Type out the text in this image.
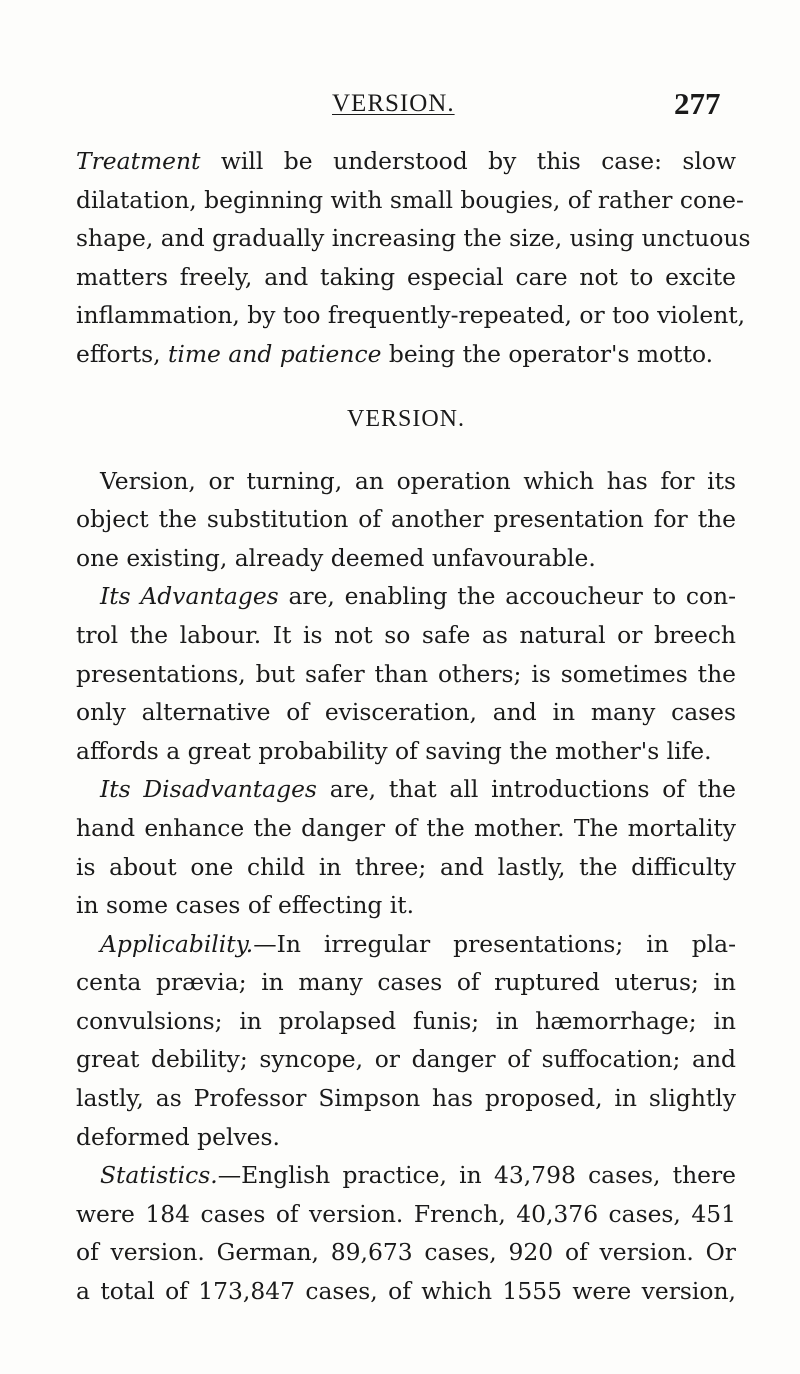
VERSION.	277
Treatment will be understood by this case: slow
dilatation, beginning with small bougies, of rather cone-
shape, and gradually increasing the size, using unctuous
matters freely, and taking especial care not to excite
inflammation, by too frequently-repeated, or too violent,
efforts, time and patience being the operator's motto.
VERSION.
Version, or turning, an operation which has for its
object the substitution of another presentation for the
one existing, already deemed unfavourable.
Its Advantages are, enabling the accoucheur to con-
trol the labour. It is not so safe as natural or breech
presentations, but safer than others; is sometimes the
only alternative of evisceration, and in many cases
affords a great probability of saving the mother's life.
Its Disadvantages are, that all introductions of the
hand enhance the danger of the mother. The mortality
is about one child in three; and lastly, the difficulty
in some cases of effecting it.
Applicability.—In irregular presentations; in pla-
centa prævia; in many cases of ruptured uterus; in
convulsions; in prolapsed funis; in hæmorrhage; in
great debility; syncope, or danger of suffocation; and
lastly, as Professor Simpson has proposed, in slightly
deformed pelves.
Statistics.—English practice, in 43,798 cases, there
were 184 cases of version. French, 40,376 cases, 451
of version. German, 89,673 cases, 920 of version. Or
a total of 173,847 cases, of which 1555 were version,
